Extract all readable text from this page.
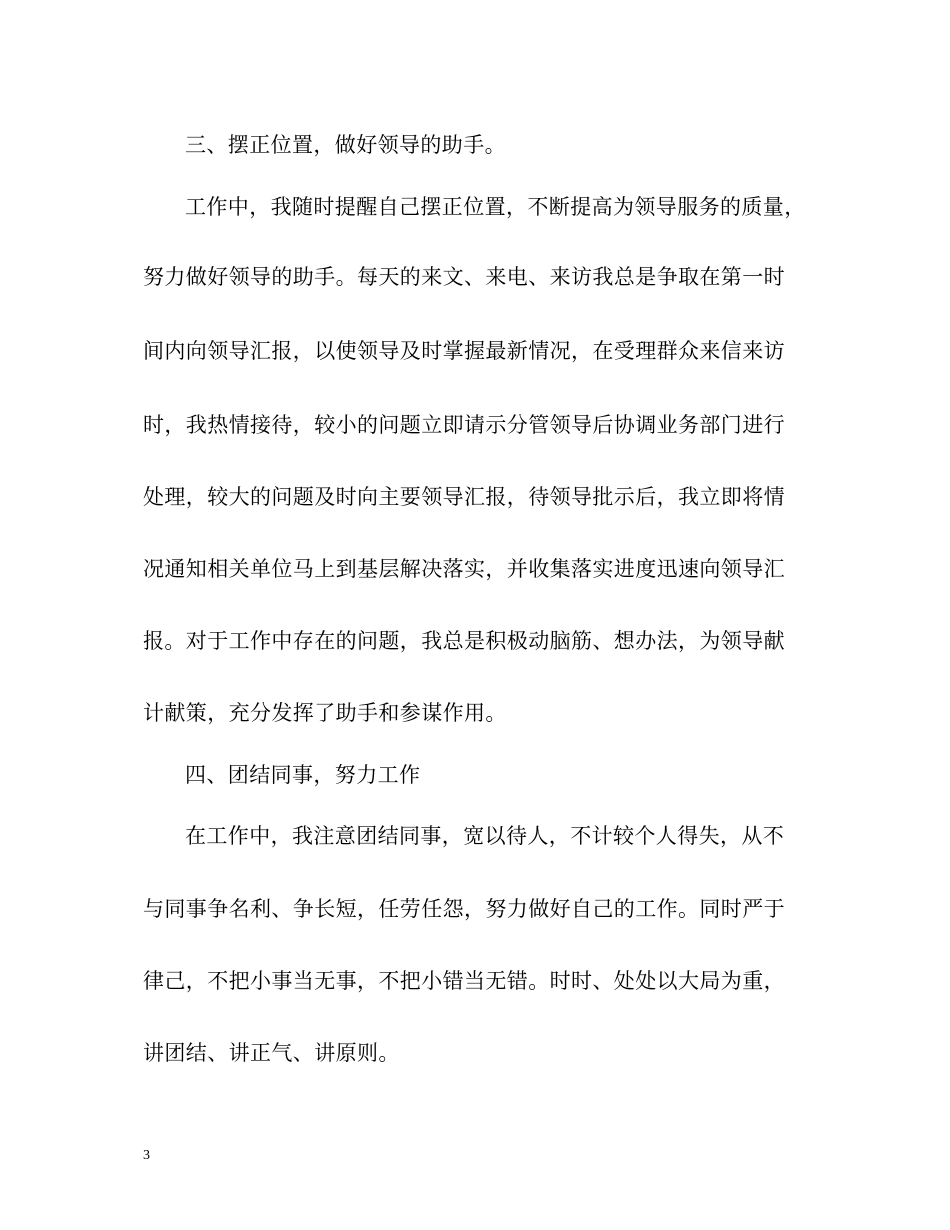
三、摆正位置，做好领导的助手。
工作中，我随时提醒自己摆正位置，不断提高为领导服务的质量，
努力做好领导的助手。每天的来文、来电、来访我总是争取在第一时
间内向领导汇报，以使领导及时掌握最新情况，在受理群众来信来访
时，我热情接待，较小的问题立即请示分管领导后协调业务部门进行
处理，较大的问题及时向主要领导汇报，待领导批示后，我立即将情
况通知相关单位马上到基层解决落实，并收集落实进度迅速向领导汇
报。对于工作中存在的问题，我总是积极动脑筋、想办法，为领导献
计献策，充分发挥了助手和参谋作用。
四、团结同事，努力工作
在工作中，我注意团结同事，宽以待人，不计较个人得失，从不
与同事争名利、争长短，任劳任怨，努力做好自己的工作。同时严于
律己，不把小事当无事，不把小错当无错。时时、处处以大局为重，
讲团结、讲正气、讲原则。
3
